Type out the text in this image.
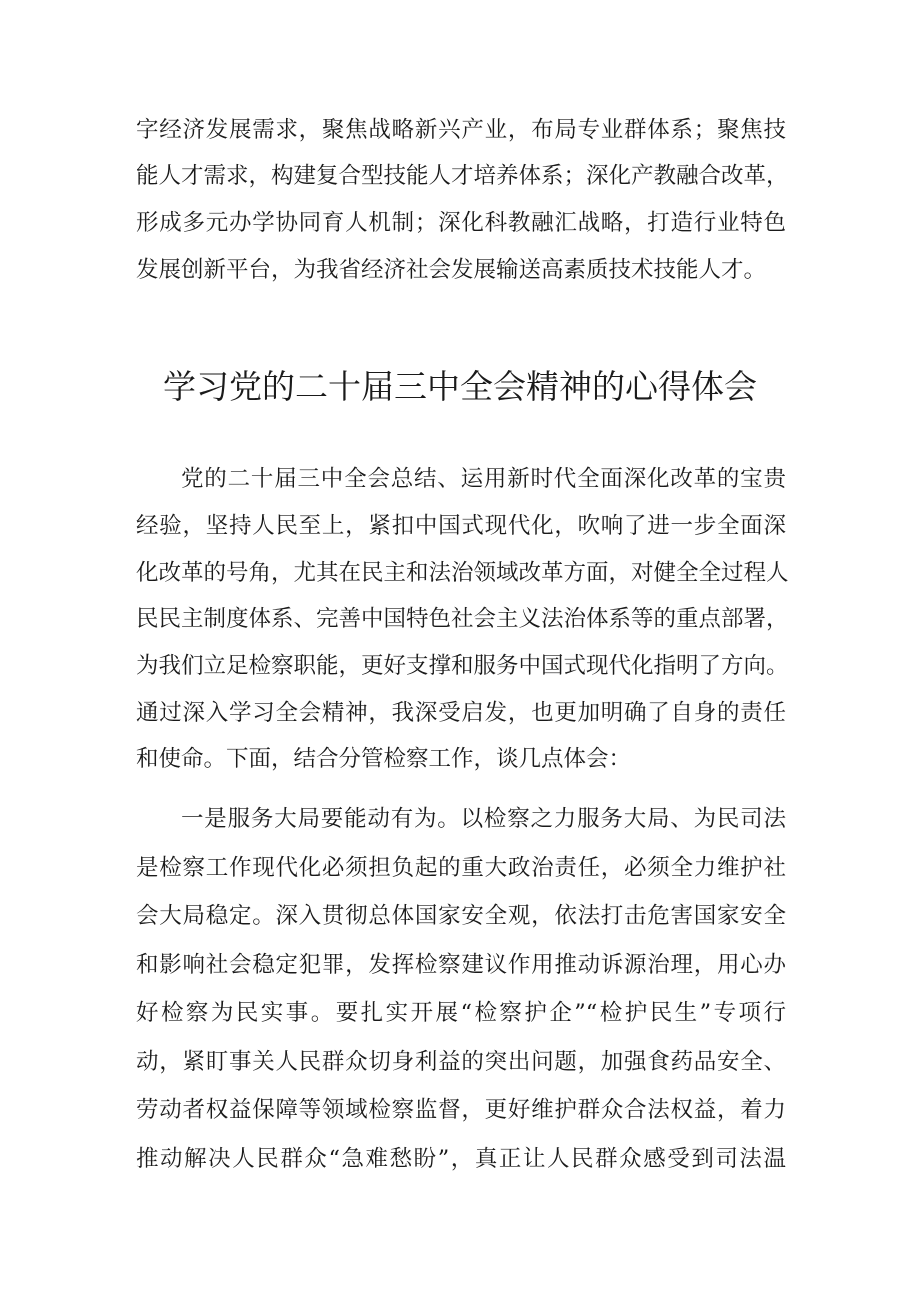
字经济发展需求，聚焦战略新兴产业，布局专业群体系；聚焦技
能人才需求，构建复合型技能人才培养体系；深化产教融合改革，
形成多元办学协同育人机制；深化科教融汇战略，打造行业特色
发展创新平台，为我省经济社会发展输送高素质技术技能人才。
学习党的二十届三中全会精神的心得体会
党的二十届三中全会总结、运用新时代全面深化改革的宝贵
经验，坚持人民至上，紧扣中国式现代化，吹响了进一步全面深
化改革的号角，尤其在民主和法治领域改革方面，对健全全过程人
民民主制度体系、完善中国特色社会主义法治体系等的重点部署，
为我们立足检察职能，更好支撑和服务中国式现代化指明了方向。
通过深入学习全会精神，我深受启发，也更加明确了自身的责任
和使命。下面，结合分管检察工作，谈几点体会：
一是服务大局要能动有为。以检察之力服务大局、为民司法
是检察工作现代化必须担负起的重大政治责任，必须全力维护社
会大局稳定。深入贯彻总体国家安全观，依法打击危害国家安全
和影响社会稳定犯罪，发挥检察建议作用推动诉源治理，用心办
好检察为民实事。要扎实开展“检察护企”“检护民生”专项行
动，紧盯事关人民群众切身利益的突出问题，加强食药品安全、
劳动者权益保障等领域检察监督，更好维护群众合法权益，着力
推动解决人民群众“急难愁盼”，真正让人民群众感受到司法温
